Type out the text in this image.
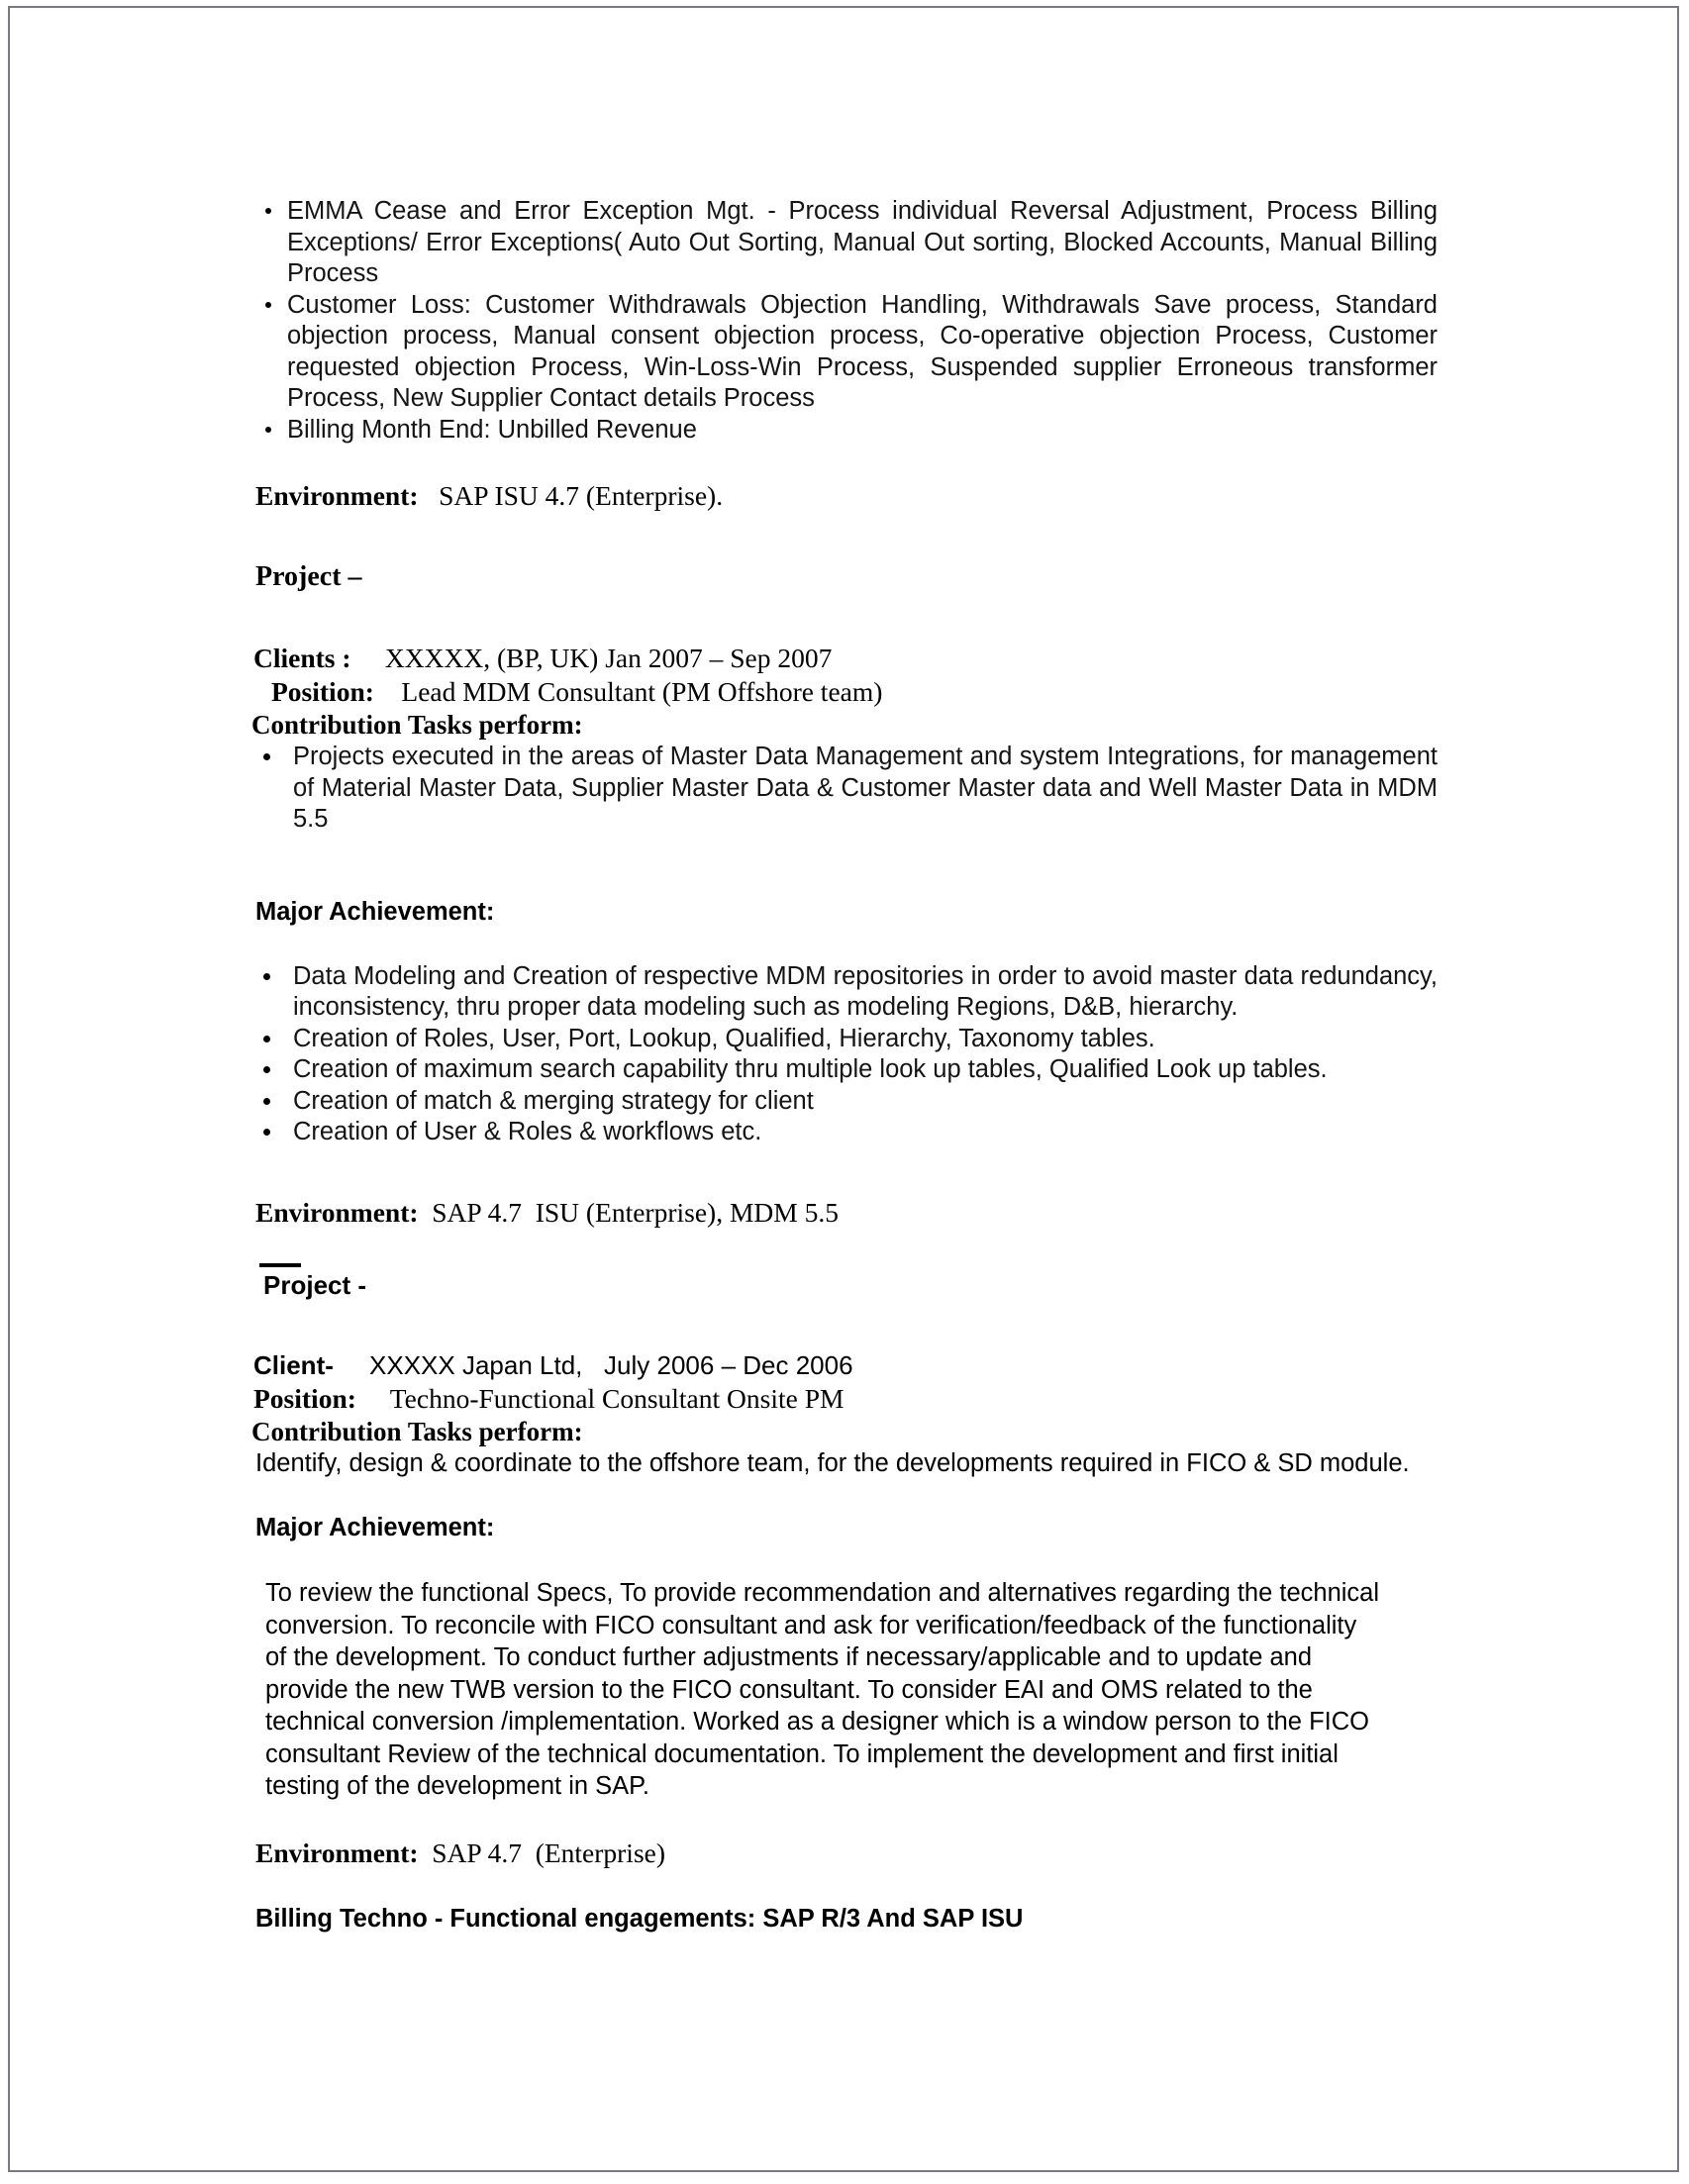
EMMA Cease and Error Exception Mgt. - Process individual Reversal Adjustment, Process Billing Exceptions/ Error Exceptions( Auto Out Sorting, Manual Out sorting, Blocked Accounts, Manual Billing Process
Customer Loss: Customer Withdrawals Objection Handling, Withdrawals Save process, Standard objection process, Manual consent objection process, Co-operative objection Process, Customer requested objection Process, Win-Loss-Win Process, Suspended supplier Erroneous transformer Process, New Supplier Contact details Process
Billing Month End: Unbilled Revenue
Environment: SAP ISU 4.7 (Enterprise).
Project –
Clients : XXXXX, (BP, UK) Jan 2007 – Sep 2007
Position: Lead MDM Consultant (PM Offshore team)
Contribution Tasks perform:
Projects executed in the areas of Master Data Management and system Integrations, for management of Material Master Data, Supplier Master Data & Customer Master data and Well Master Data in MDM 5.5
Major Achievement:
Data Modeling and Creation of respective MDM repositories in order to avoid master data redundancy, inconsistency, thru proper data modeling such as modeling Regions, D&B, hierarchy.
Creation of Roles, User, Port, Lookup, Qualified, Hierarchy, Taxonomy tables.
Creation of maximum search capability thru multiple look up tables, Qualified Look up tables.
Creation of match & merging strategy for client
Creation of User & Roles & workflows etc.
Environment: SAP 4.7  ISU (Enterprise), MDM 5.5
Project -
Client- XXXXX Japan Ltd,   July 2006 – Dec 2006
Position: Techno-Functional Consultant Onsite PM
Contribution Tasks perform:
Identify, design & coordinate to the offshore team, for the developments required in FICO & SD module.
Major Achievement:
To review the functional Specs, To provide recommendation and alternatives regarding the technical conversion. To reconcile with FICO consultant and ask for verification/feedback of the functionality of the development. To conduct further adjustments if necessary/applicable and to update and provide the new TWB version to the FICO consultant. To consider EAI and OMS related to the technical conversion /implementation. Worked as a designer which is a window person to the FICO consultant Review of the technical documentation. To implement the development and first initial testing of the development in SAP.
Environment: SAP 4.7  (Enterprise)
Billing Techno - Functional engagements: SAP R/3 And SAP ISU
